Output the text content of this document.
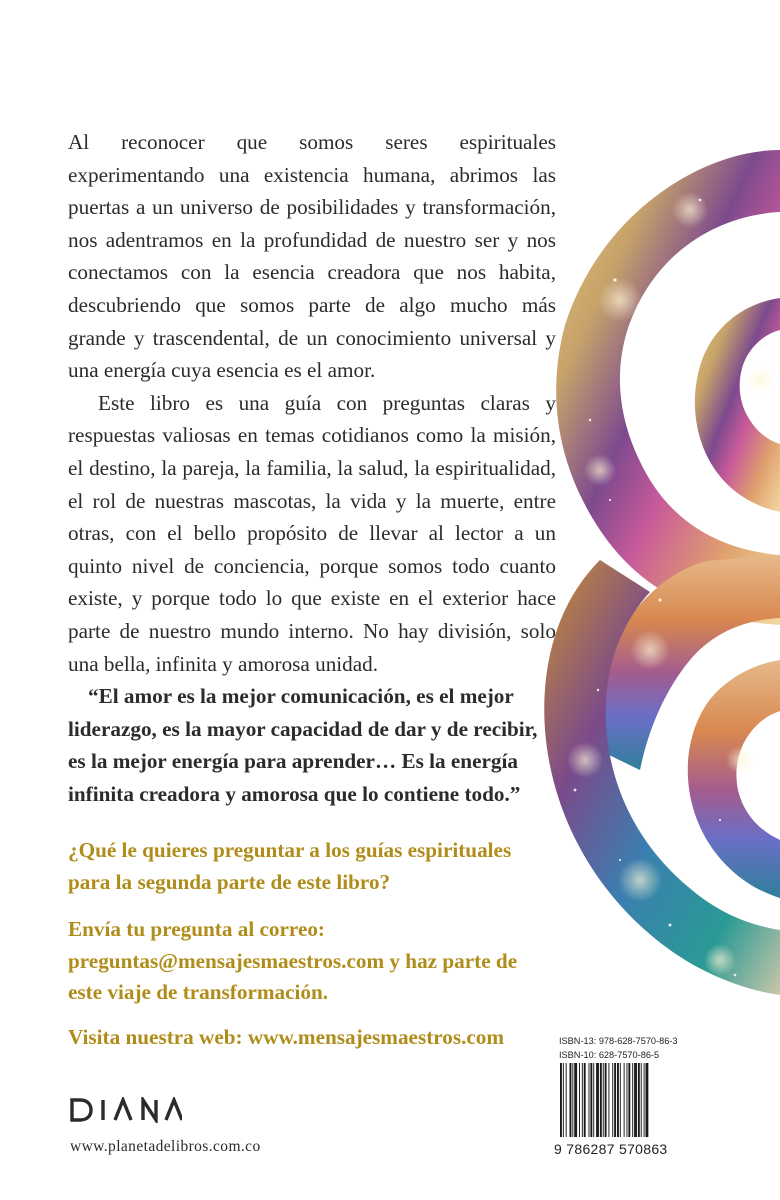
Al reconocer que somos seres espirituales experimentando una existencia humana, abrimos las puertas a un universo de posibilidades y transformación, nos adentramos en la profundidad de nuestro ser y nos conectamos con la esencia creadora que nos habita, descubriendo que somos parte de algo mucho más grande y trascendental, de un conocimiento universal y una energía cuya esencia es el amor.

Este libro es una guía con preguntas claras y respuestas valiosas en temas cotidianos como la misión, el destino, la pareja, la familia, la salud, la espiritualidad, el rol de nuestras mascotas, la vida y la muerte, entre otras, con el bello propósito de llevar al lector a un quinto nivel de conciencia, porque somos todo cuanto existe, y porque todo lo que existe en el exterior hace parte de nuestro mundo interno. No hay división, solo una bella, infinita y amorosa unidad.

“El amor es la mejor comunicación, es el mejor liderazgo, es la mayor capacidad de dar y de recibir, es la mejor energía para aprender… Es la energía infinita creadora y amorosa que lo contiene todo.”

¿Qué le quieres preguntar a los guías espirituales para la segunda parte de este libro?

Envía tu pregunta al correo: preguntas@mensajesmaestros.com y haz parte de este viaje de transformación.

Visita nuestra web: www.mensajesmaestros.com

www.planetadelibros.com.co
ISBN-13: 978-628-7570-86-3
ISBN-10: 628-7570-86-5
9 786287 570863
